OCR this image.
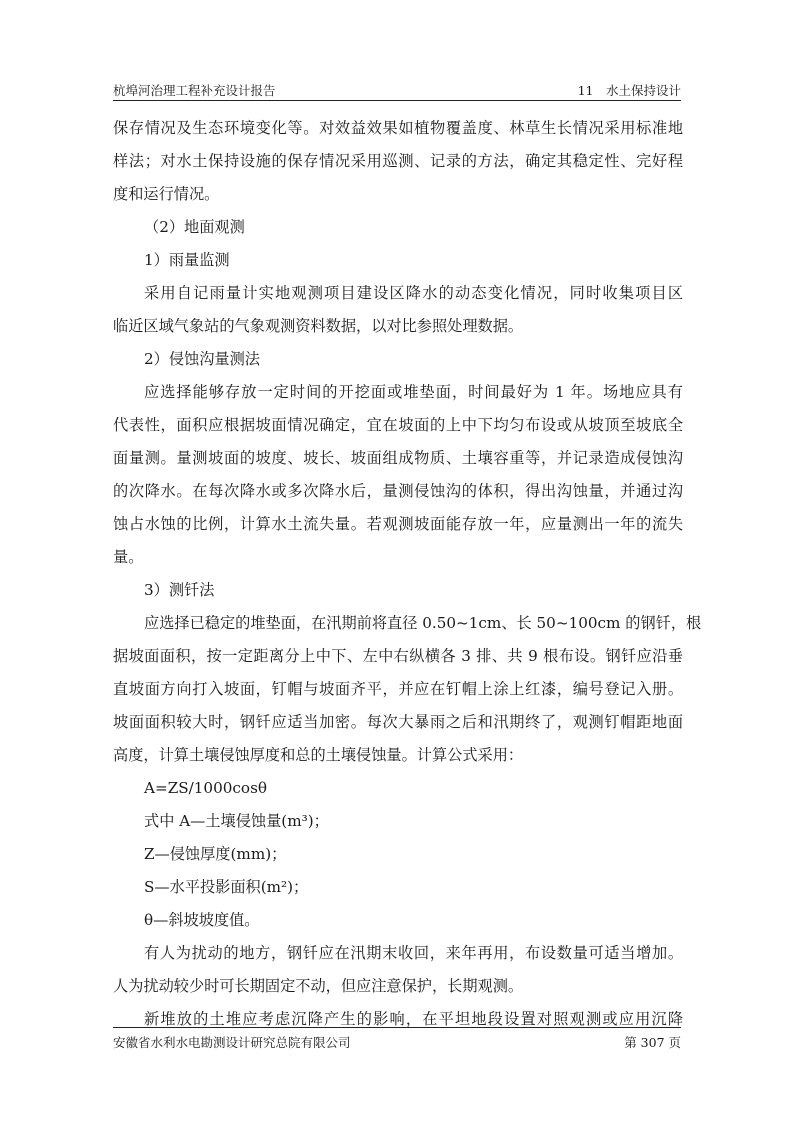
杭埠河治理工程补充设计报告	11　水土保持设计
保存情况及生态环境变化等。对效益效果如植物覆盖度、林草生长情况采用标准地
样法；对水土保持设施的保存情况采用巡测、记录的方法，确定其稳定性、完好程
度和运行情况。
（2）地面观测
1）雨量监测
采用自记雨量计实地观测项目建设区降水的动态变化情况，同时收集项目区
临近区域气象站的气象观测资料数据，以对比参照处理数据。
2）侵蚀沟量测法
应选择能够存放一定时间的开挖面或堆垫面，时间最好为 1 年。场地应具有
代表性，面积应根据坡面情况确定，宜在坡面的上中下均匀布设或从坡顶至坡底全
面量测。量测坡面的坡度、坡长、坡面组成物质、土壤容重等，并记录造成侵蚀沟
的次降水。在每次降水或多次降水后，量测侵蚀沟的体积，得出沟蚀量，并通过沟
蚀占水蚀的比例，计算水土流失量。若观测坡面能存放一年，应量测出一年的流失
量。
3）测钎法
应选择已稳定的堆垫面，在汛期前将直径 0.50~1cm、长 50~100cm 的钢钎，根
据坡面面积，按一定距离分上中下、左中右纵横各 3 排、共 9 根布设。钢钎应沿垂
直坡面方向打入坡面，钉帽与坡面齐平，并应在钉帽上涂上红漆，编号登记入册。
坡面面积较大时，钢钎应适当加密。每次大暴雨之后和汛期终了，观测钉帽距地面
高度，计算土壤侵蚀厚度和总的土壤侵蚀量。计算公式采用：
A=ZS/1000cosθ
式中 A—土壤侵蚀量(m³)；
Z—侵蚀厚度(mm)；
S—水平投影面积(m²)；
θ—斜坡坡度值。
有人为扰动的地方，钢钎应在汛期末收回，来年再用，布设数量可适当增加。
人为扰动较少时可长期固定不动，但应注意保护，长期观测。
新堆放的土堆应考虑沉降产生的影响，在平坦地段设置对照观测或应用沉降
安徽省水利水电勘测设计研究总院有限公司	第 307 页
